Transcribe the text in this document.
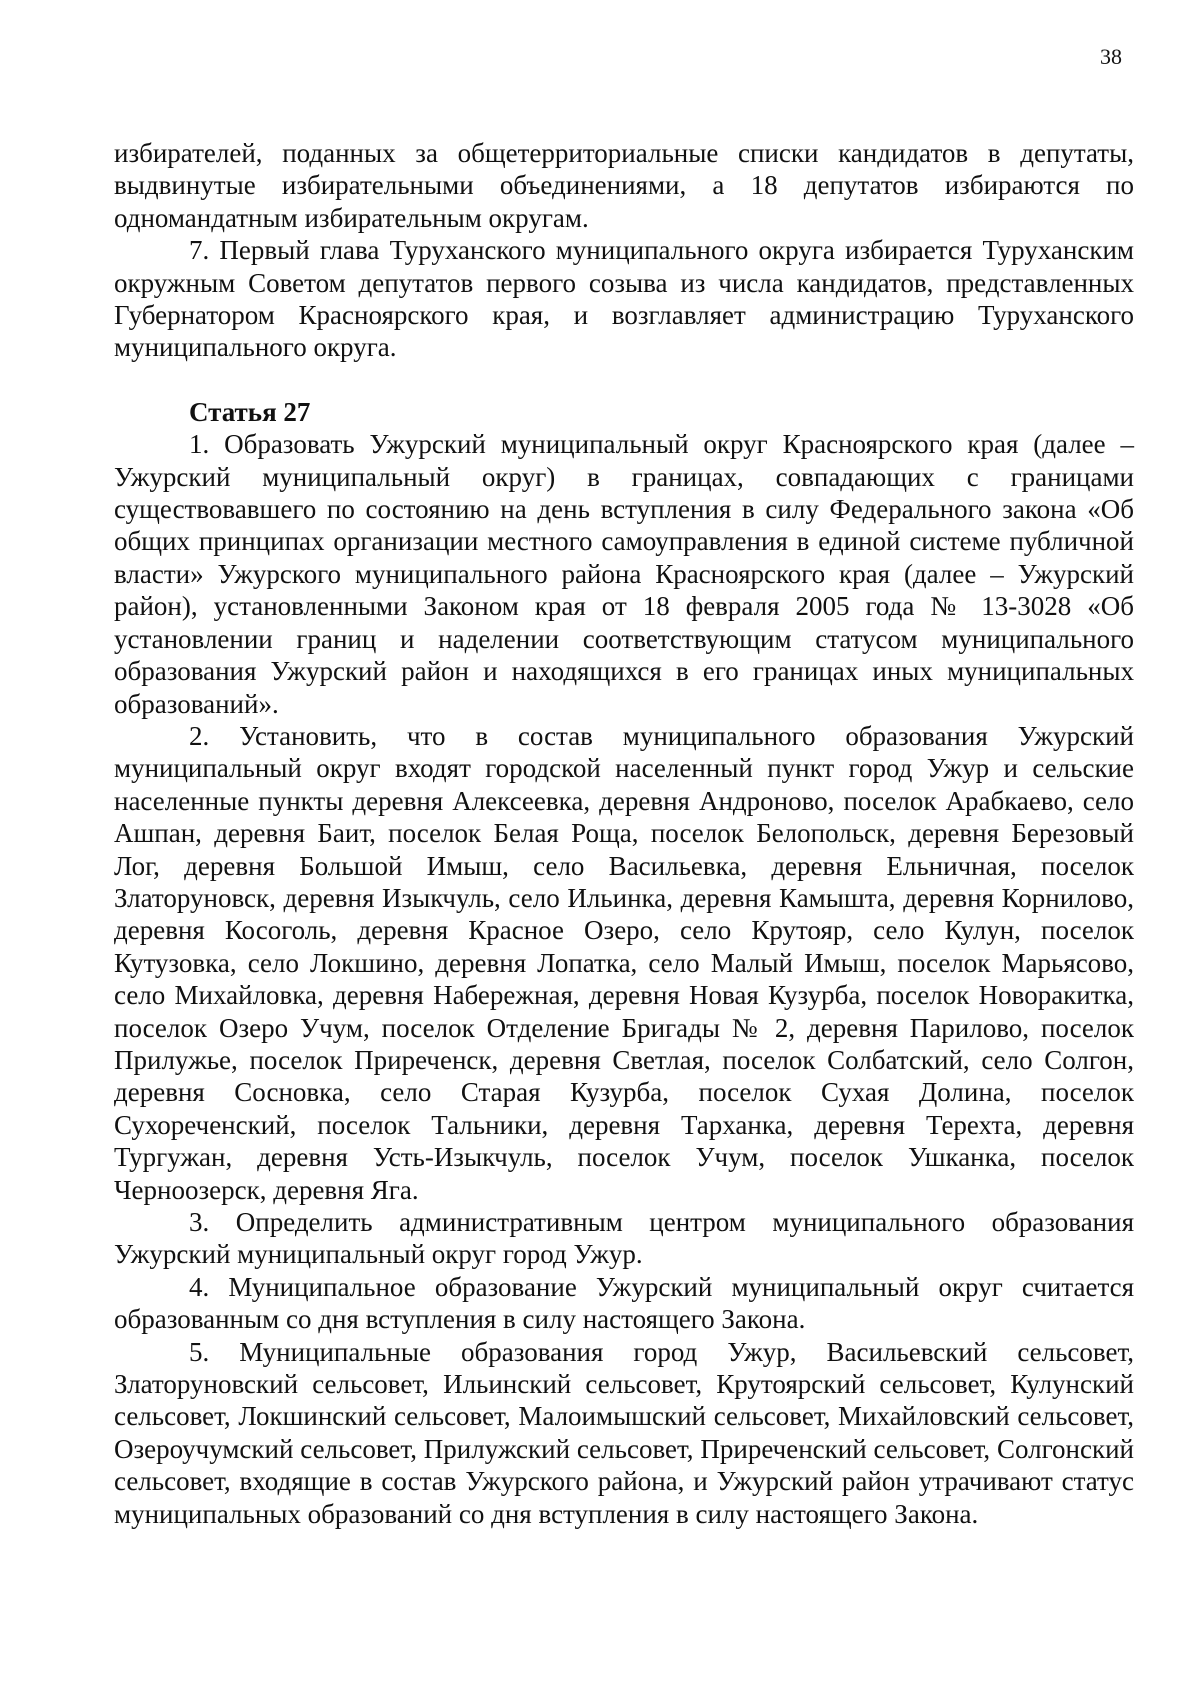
38

избирателей, поданных за общетерриториальные списки кандидатов в депутаты, выдвинутые избирательными объединениями, а 18 депутатов избираются по одномандатным избирательным округам.

7. Первый глава Туруханского муниципального округа избирается Туруханским окружным Советом депутатов первого созыва из числа кандидатов, представленных Губернатором Красноярского края, и возглавляет администрацию Туруханского муниципального округа.

Статья 27

1. Образовать Ужурский муниципальный округ Красноярского края (далее – Ужурский муниципальный округ) в границах, совпадающих с границами существовавшего по состоянию на день вступления в силу Федерального закона «Об общих принципах организации местного самоуправления в единой системе публичной власти» Ужурского муниципального района Красноярского края (далее – Ужурский район), установленными Законом края от 18 февраля 2005 года № 13-3028 «Об установлении границ и наделении соответствующим статусом муниципального образования Ужурский район и находящихся в его границах иных муниципальных образований».

2. Установить, что в состав муниципального образования Ужурский муниципальный округ входят городской населенный пункт город Ужур и сельские населенные пункты деревня Алексеевка, деревня Андроново, поселок Арабкаево, село Ашпан, деревня Баит, поселок Белая Роща, поселок Белопольск, деревня Березовый Лог, деревня Большой Имыш, село Васильевка, деревня Ельничная, поселок Златоруновск, деревня Изыкчуль, село Ильинка, деревня Камышта, деревня Корнилово, деревня Косоголь, деревня Красное Озеро, село Крутояр, село Кулун, поселок Кутузовка, село Локшино, деревня Лопатка, село Малый Имыш, поселок Марьясово, село Михайловка, деревня Набережная, деревня Новая Кузурба, поселок Новоракитка, поселок Озеро Учум, поселок Отделение Бригады № 2, деревня Парилово, поселок Прилужье, поселок Приреченск, деревня Светлая, поселок Солбатский, село Солгон, деревня Сосновка, село Старая Кузурба, поселок Сухая Долина, поселок Сухореченский, поселок Тальники, деревня Тарханка, деревня Терехта, деревня Тургужан, деревня Усть-Изыкчуль, поселок Учум, поселок Ушканка, поселок Черноозерск, деревня Яга.

3. Определить административным центром муниципального образования Ужурский муниципальный округ город Ужур.

4. Муниципальное образование Ужурский муниципальный округ считается образованным со дня вступления в силу настоящего Закона.

5. Муниципальные образования город Ужур, Васильевский сельсовет, Златоруновский сельсовет, Ильинский сельсовет, Крутоярский сельсовет, Кулунский сельсовет, Локшинский сельсовет, Малоимышский сельсовет, Михайловский сельсовет, Озероучумский сельсовет, Прилужский сельсовет, Приреченский сельсовет, Солгонский сельсовет, входящие в состав Ужурского района, и Ужурский район утрачивают статус муниципальных образований со дня вступления в силу настоящего Закона.
